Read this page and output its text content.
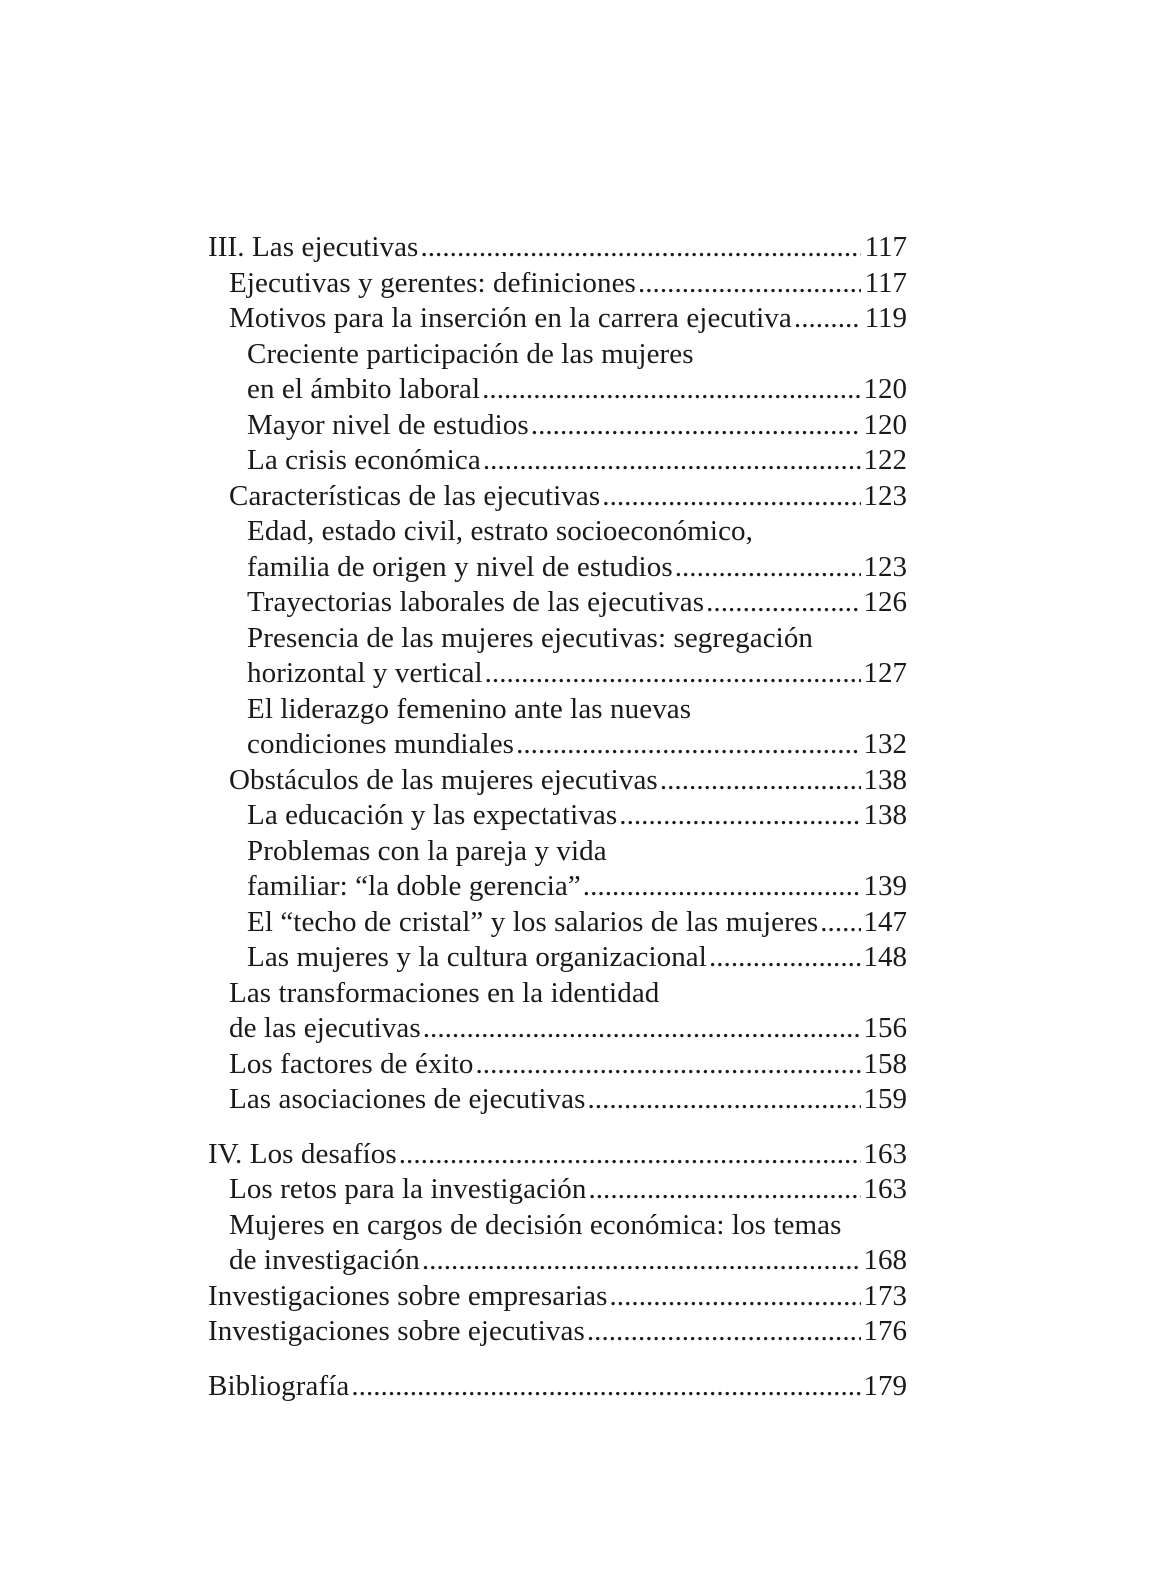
III. Las ejecutivas . . .	117
Ejecutivas y gerentes: definiciones . . .	117
Motivos para la inserción en la carrera ejecutiva . . .	119
Creciente participación de las mujeres
en el ámbito laboral . . .	120
Mayor nivel de estudios . . .	120
La crisis económica . . .	122
Características de las ejecutivas . . .	123
Edad, estado civil, estrato socioeconómico,
familia de origen y nivel de estudios . . .	123
Trayectorias laborales de las ejecutivas . . .	126
Presencia de las mujeres ejecutivas: segregación
horizontal y vertical . . .	127
El liderazgo femenino ante las nuevas
condiciones mundiales . . .	132
Obstáculos de las mujeres ejecutivas . . .	138
La educación y las expectativas . . .	138
Problemas con la pareja y vida
familiar: “la doble gerencia” . . .	139
El “techo de cristal” y los salarios de las mujeres . . . 147
Las mujeres y la cultura organizacional . . .	148
Las transformaciones en la identidad
de las ejecutivas . . .	156
Los factores de éxito . . .	158
Las asociaciones de ejecutivas . . .	159
IV. Los desafíos . . .	163
Los retos para la investigación . . .	163
Mujeres en cargos de decisión económica: los temas
de investigación . . .	168
Investigaciones sobre empresarias . . .	173
Investigaciones sobre ejecutivas . . .	176
Bibliografía . . .	179
